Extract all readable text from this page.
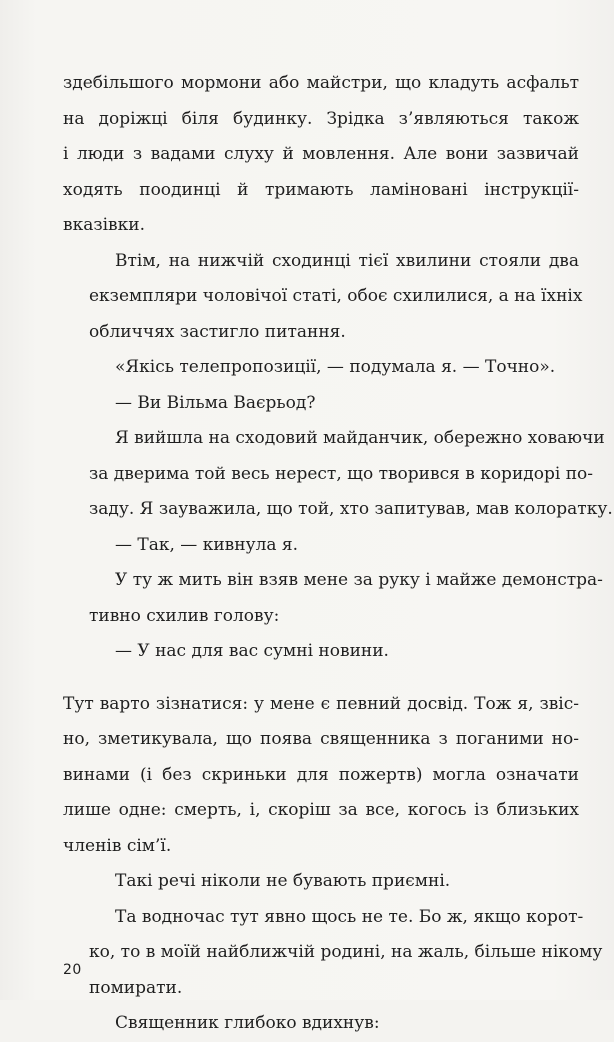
здебільшого мормони або майстри, що кладуть асфальт
на доріжці біля будинку. Зрідка з’являються також
і люди з вадами слуху й мовлення. Але вони зазвичай
ходять поодинці й тримають ламіновані інструкції-
вказівки.
Втім, на нижчій сходинці тієї хвилини стояли два
екземпляри чоловічої статі, обоє схилилися, а на їхніх
обличчях застигло питання.
«Якісь телепропозиції, — подумала я. — Точно».
— Ви Вільма Ваєрьод?
Я вийшла на сходовий майданчик, обережно ховаючи
за дверима той весь нерест, що творився в коридорі по-
заду. Я зауважила, що той, хто запитував, мав колоратку.
— Так, — кивнула я.
У ту ж мить він взяв мене за руку і майже демонстра-
тивно схилив голову:
— У нас для вас сумні новини.
Тут варто зізнатися: у мене є певний досвід. Тож я, звіс-
но, зметикувала, що поява священника з поганими но-
винами (і без скриньки для пожертв) могла означати
лише одне: смерть, і, скоріш за все, когось із близьких
членів сім’ї.
Такі речі ніколи не бувають приємні.
Та водночас тут явно щось не те. Бо ж, якщо корот-
ко, то в моїй найближчій родині, на жаль, більше нікому
помирати.
Священник глибоко вдихнув:
20
